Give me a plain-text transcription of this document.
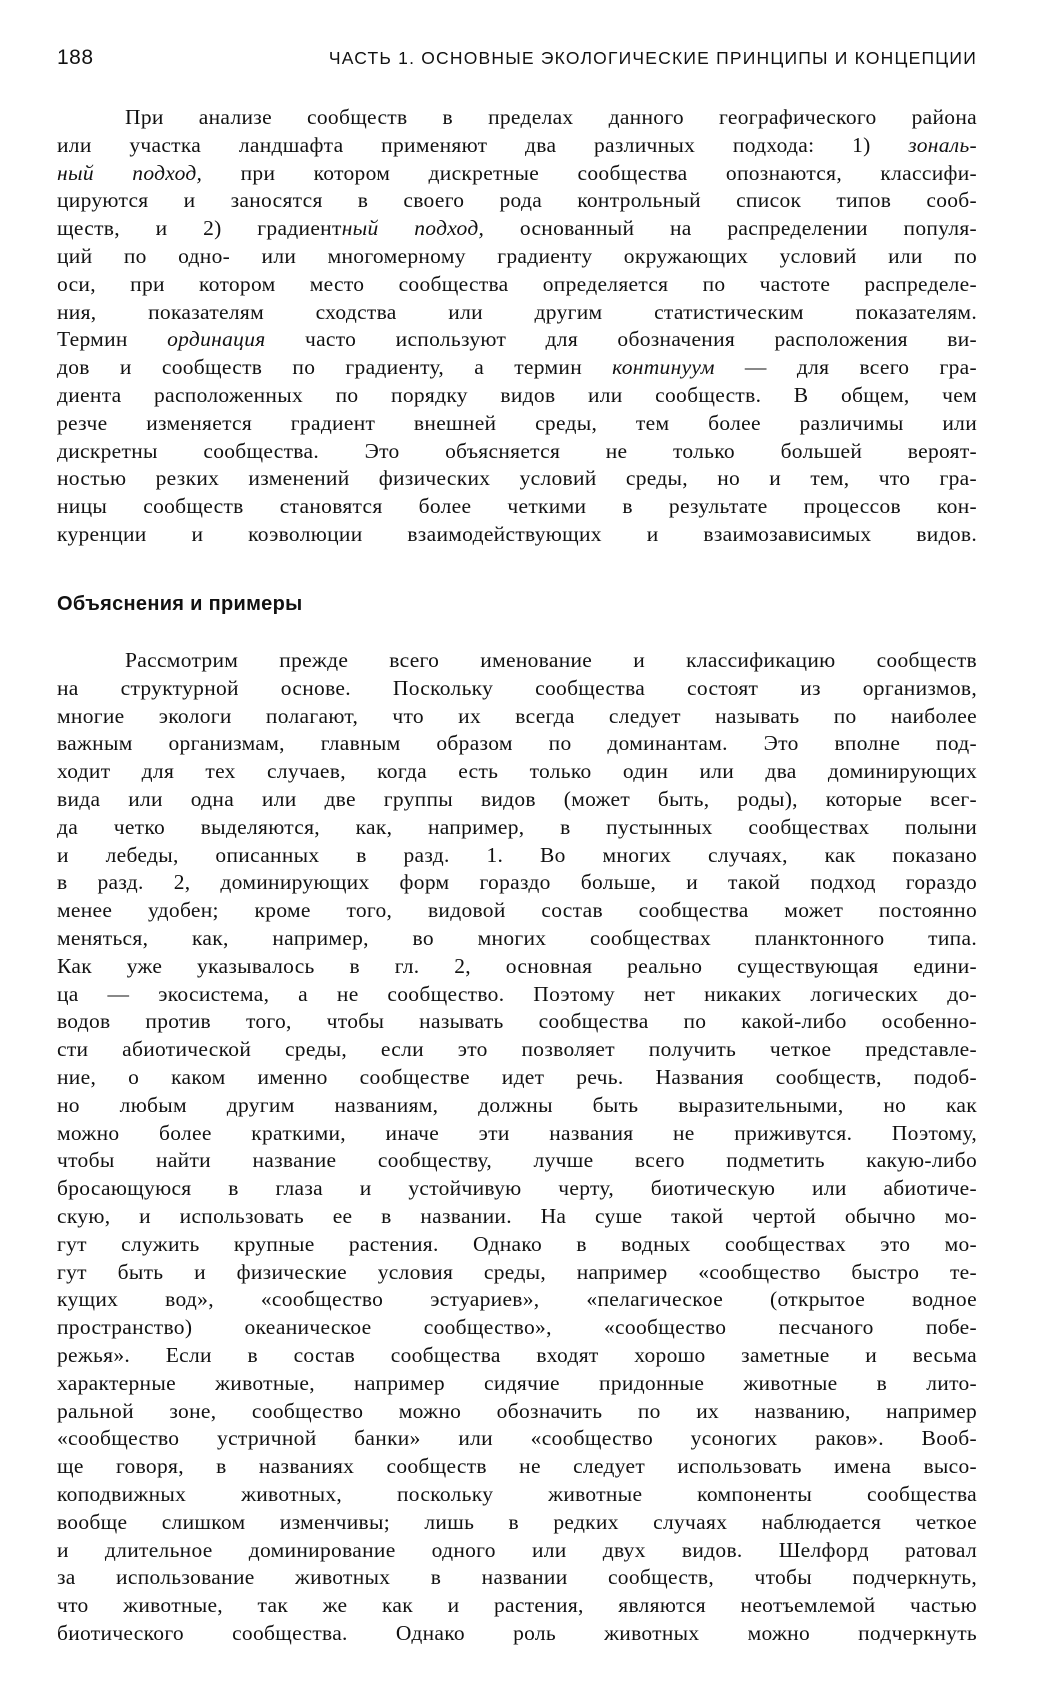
188	ЧАСТЬ 1. ОСНОВНЫЕ ЭКОЛОГИЧЕСКИЕ ПРИНЦИПЫ И КОНЦЕПЦИИ
При анализе сообществ в пределах данного географического района
или участка ландшафта применяют два различных подхода: 1) зональ-
ный подход, при котором дискретные сообщества опознаются, классифи-
цируются и заносятся в своего рода контрольный список типов сооб-
ществ, и 2) градиентный подход, основанный на распределении популя-
ций по одно- или многомерному градиенту окружающих условий или по
оси, при котором место сообщества определяется по частоте распределе-
ния, показателям сходства или другим статистическим показателям.
Термин ординация часто используют для обозначения расположения ви-
дов и сообществ по градиенту, а термин континуум — для всего гра-
диента расположенных по порядку видов или сообществ. В общем, чем
резче изменяется градиент внешней среды, тем более различимы или
дискретны сообщества. Это объясняется не только большей вероят-
ностью резких изменений физических условий среды, но и тем, что гра-
ницы сообществ становятся более четкими в результате процессов кон-
куренции и коэволюции взаимодействующих и взаимозависимых видов.
Объяснения и примеры
Рассмотрим прежде всего именование и классификацию сообществ
на структурной основе. Поскольку сообщества состоят из организмов,
многие экологи полагают, что их всегда следует называть по наиболее
важным организмам, главным образом по доминантам. Это вполне под-
ходит для тех случаев, когда есть только один или два доминирующих
вида или одна или две группы видов (может быть, роды), которые всег-
да четко выделяются, как, например, в пустынных сообществах полыни
и лебеды, описанных в разд. 1. Во многих случаях, как показано
в разд. 2, доминирующих форм гораздо больше, и такой подход гораздо
менее удобен; кроме того, видовой состав сообщества может постоянно
меняться, как, например, во многих сообществах планктонного типа.
Как уже указывалось в гл. 2, основная реально существующая едини-
ца — экосистема, а не сообщество. Поэтому нет никаких логических до-
водов против того, чтобы называть сообщества по какой-либо особенно-
сти абиотической среды, если это позволяет получить четкое представле-
ние, о каком именно сообществе идет речь. Названия сообществ, подоб-
но любым другим названиям, должны быть выразительными, но как
можно более краткими, иначе эти названия не приживутся. Поэтому,
чтобы найти название сообществу, лучше всего подметить какую-либо
бросающуюся в глаза и устойчивую черту, биотическую или абиотиче-
скую, и использовать ее в названии. На суше такой чертой обычно мо-
гут служить крупные растения. Однако в водных сообществах это мо-
гут быть и физические условия среды, например «сообщество быстро те-
кущих вод», «сообщество эстуариев», «пелагическое (открытое водное
пространство) океаническое сообщество», «сообщество песчаного побе-
режья». Если в состав сообщества входят хорошо заметные и весьма
характерные животные, например сидячие придонные животные в лито-
ральной зоне, сообщество можно обозначить по их названию, например
«сообщество устричной банки» или «сообщество усоногих раков». Вооб-
ще говоря, в названиях сообществ не следует использовать имена высо-
коподвижных животных, поскольку животные компоненты сообщества
вообще слишком изменчивы; лишь в редких случаях наблюдается четкое
и длительное доминирование одного или двух видов. Шелфорд ратовал
за использование животных в названии сообществ, чтобы подчеркнуть,
что животные, так же как и растения, являются неотъемлемой частью
биотического сообщества. Однако роль животных можно подчеркнуть
